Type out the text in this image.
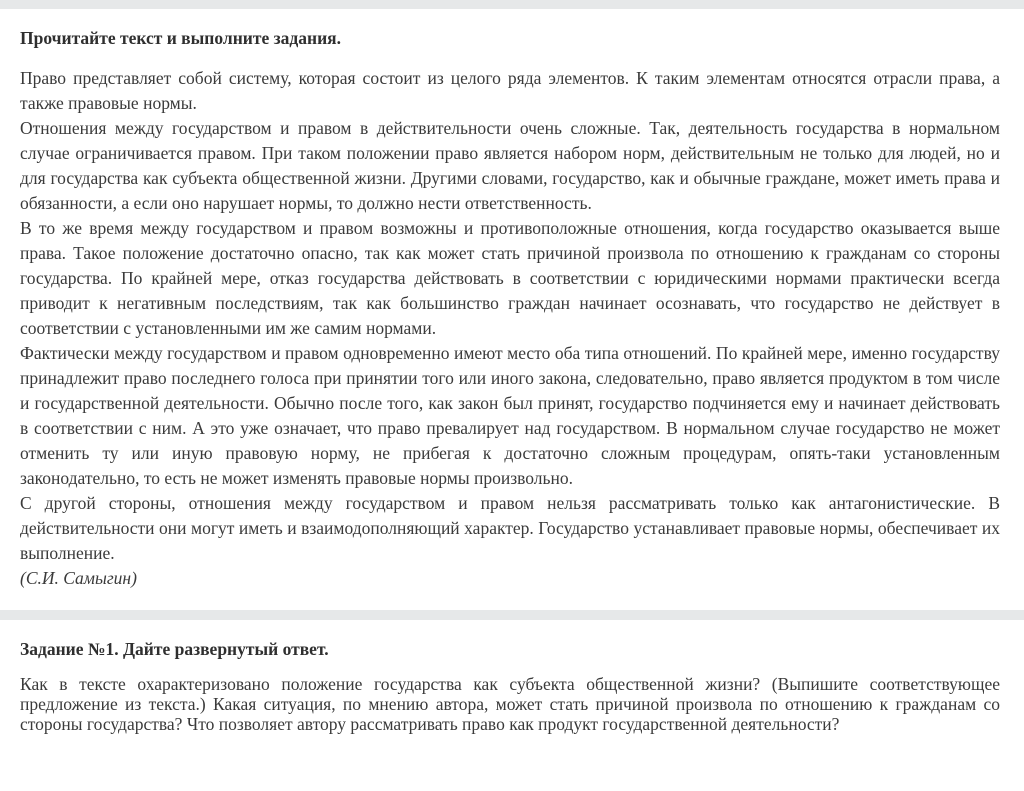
Прочитайте текст и выполните задания.

Право представляет собой систему, которая состоит из целого ряда элементов. К таким элементам относятся отрасли права, а также правовые нормы.

Отношения между государством и правом в действительности очень сложные. Так, деятельность государства в нормальном случае ограничивается правом. При таком положении право является набором норм, действительным не только для людей, но и для государства как субъекта общественной жизни. Другими словами, государство, как и обычные граждане, может иметь права и обязанности, а если оно нарушает нормы, то должно нести ответственность.

В то же время между государством и правом возможны и противоположные отношения, когда государство оказывается выше права. Такое положение достаточно опасно, так как может стать причиной произвола по отношению к гражданам со стороны государства. По крайней мере, отказ государства действовать в соответствии с юридическими нормами практически всегда приводит к негативным последствиям, так как большинство граждан начинает осознавать, что государство не действует в соответствии с установленными им же самим нормами.

Фактически между государством и правом одновременно имеют место оба типа отношений. По крайней мере, именно государству принадлежит право последнего голоса при принятии того или иного закона, следовательно, право является продуктом в том числе и государственной деятельности. Обычно после того, как закон был принят, государство подчиняется ему и начинает действовать в соответствии с ним. А это уже означает, что право превалирует над государством. В нормальном случае государство не может отменить ту или иную правовую норму, не прибегая к достаточно сложным процедурам, опять-таки установленным законодательно, то есть не может изменять правовые нормы произвольно.

С другой стороны, отношения между государством и правом нельзя рассматривать только как антагонистические. В действительности они могут иметь и взаимодополняющий характер. Государство устанавливает правовые нормы, обеспечивает их выполнение.

(С.И. Самыгин)

Задание №1. Дайте развернутый ответ.

Как в тексте охарактеризовано положение государства как субъекта общественной жизни? (Выпишите соответствующее предложение из текста.) Какая ситуация, по мнению автора, может стать причиной произвола по отношению к гражданам со стороны государства? Что позволяет автору рассматривать право как продукт государственной деятельности?
